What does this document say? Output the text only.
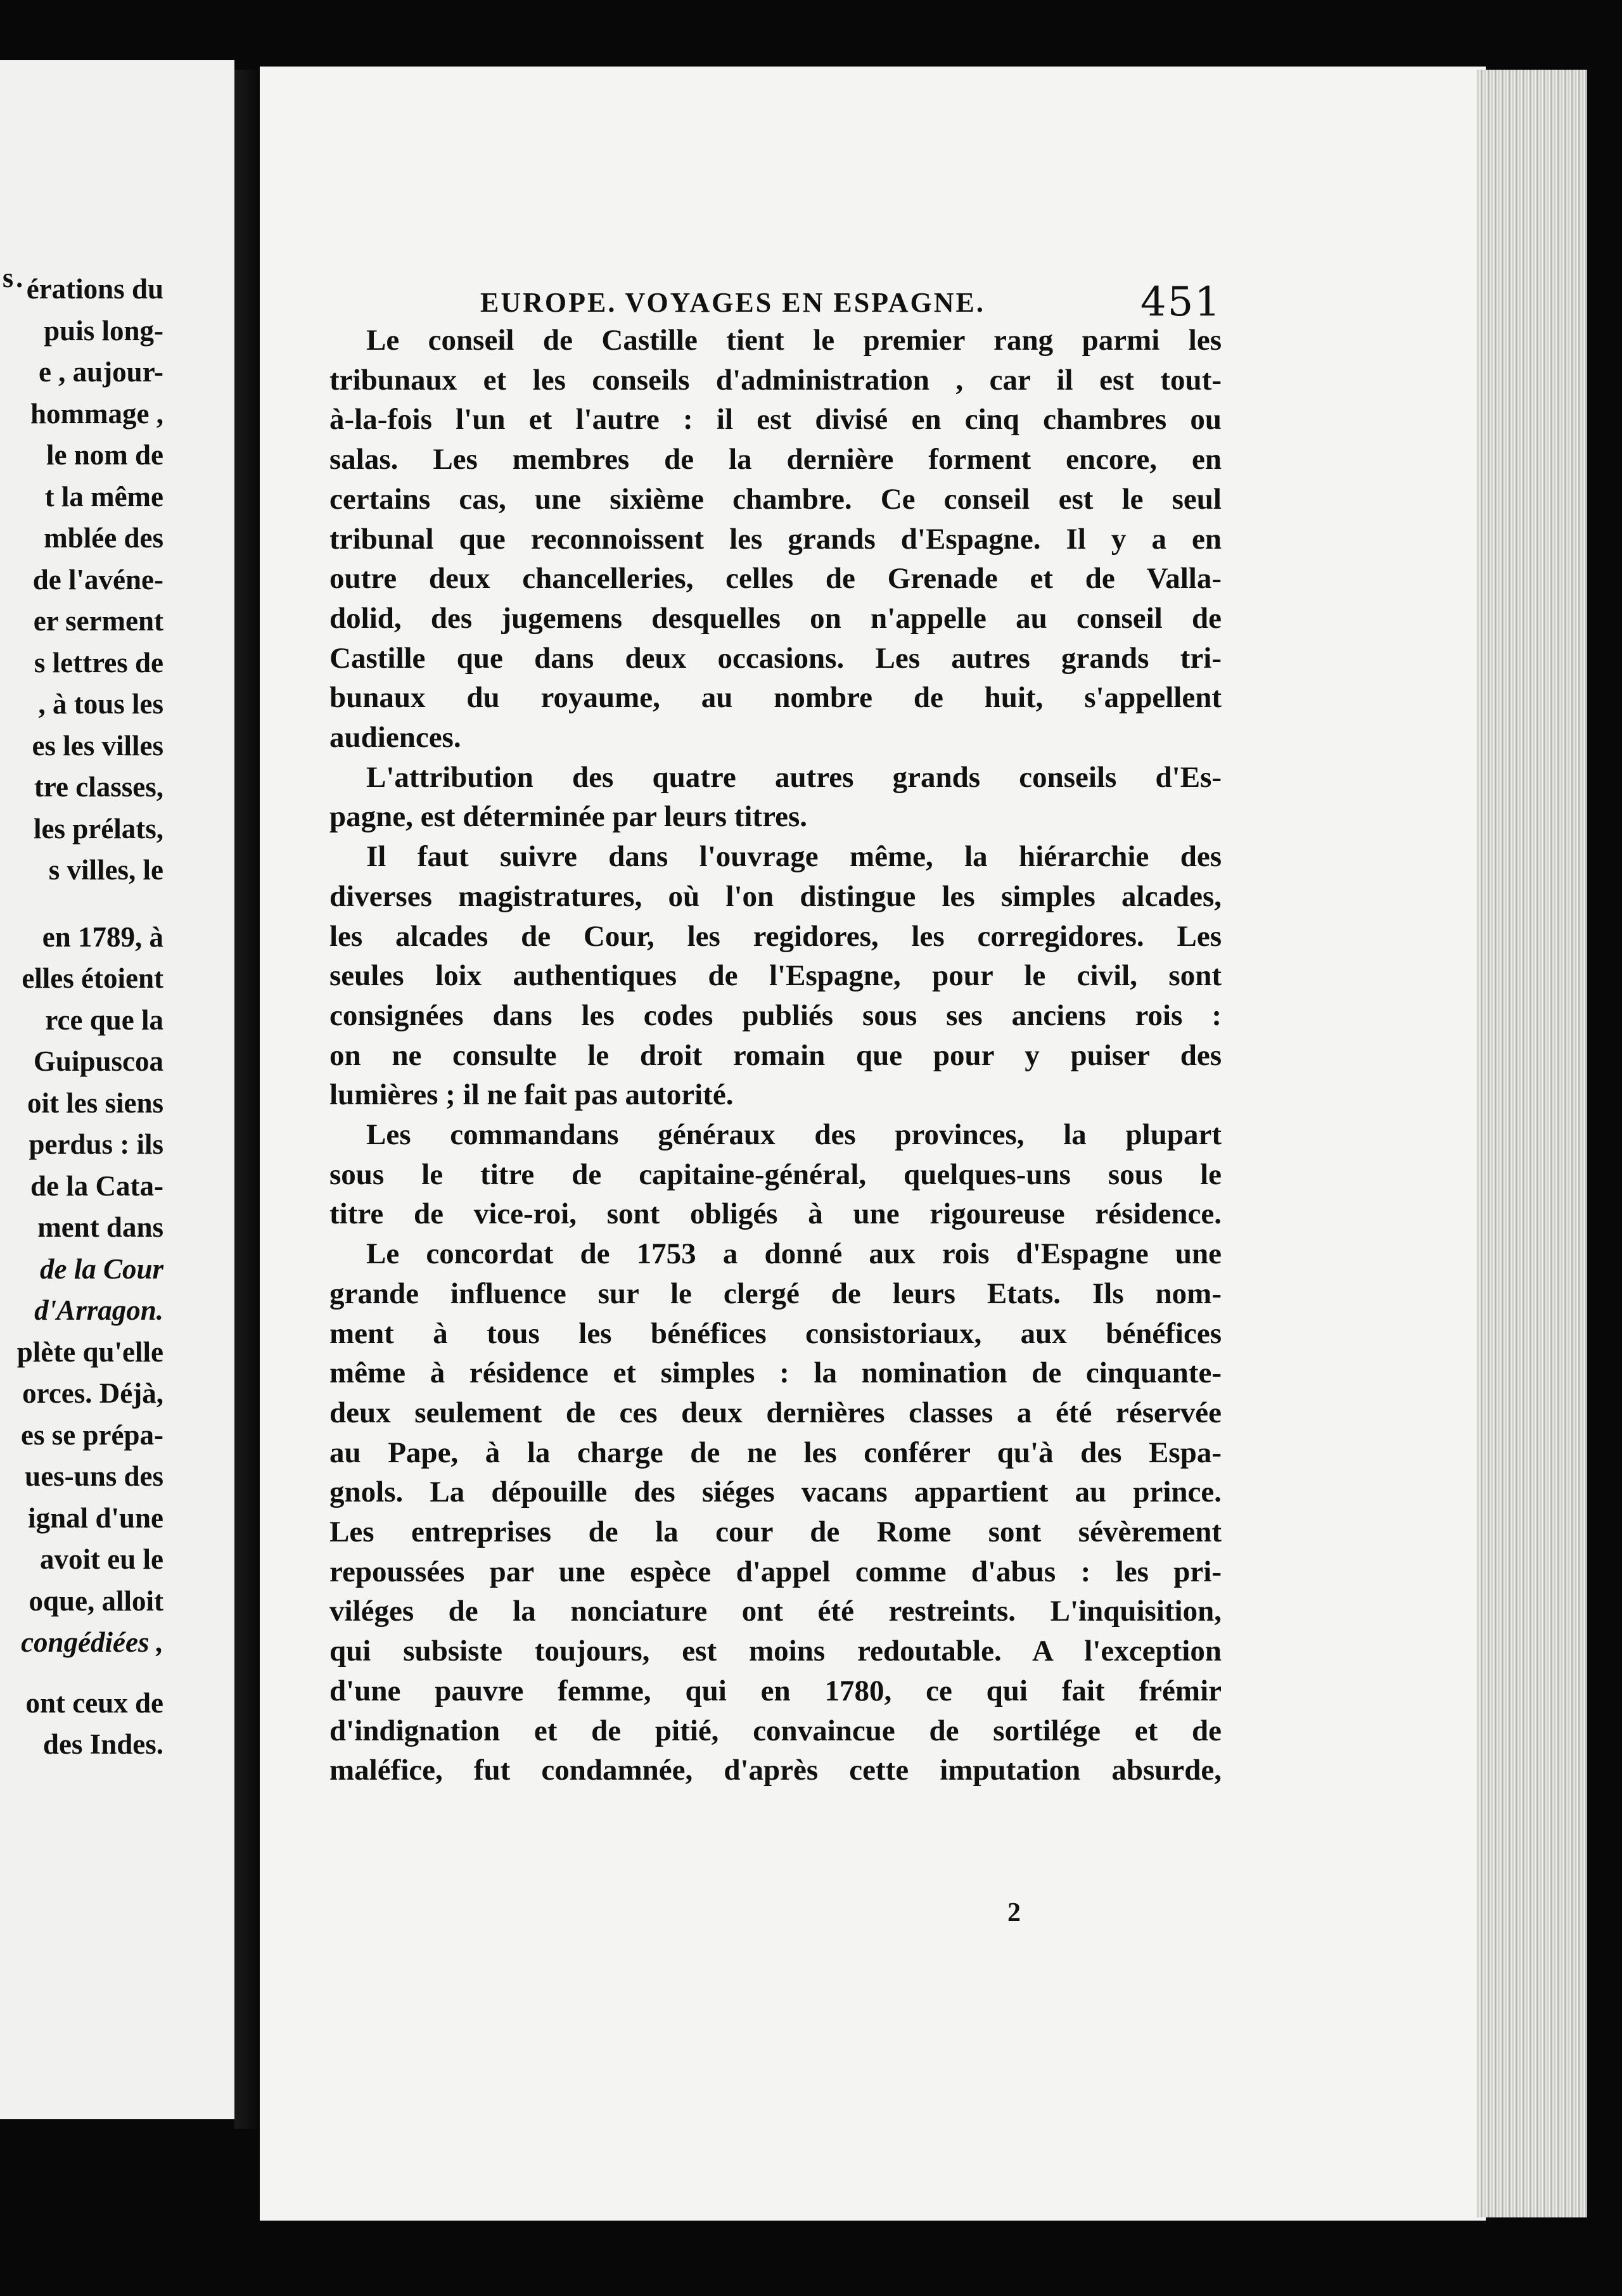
s. érations du
puis long-
e , aujour-
hommage ,
le nom de
t la même
mblée des
de l'avéne-
er serment
s lettres de
, à tous les
es les villes
tre classes,
les prélats,
s villes, le
en 1789, à
elles étoient
rce que la
Guipuscoa
oit les siens
perdus : ils
de la Cata-
ment dans
de la Cour
d'Arragon.
plète qu'elle
orces. Déjà,
es se prépa-
ues-uns des
ignal d'une
avoit eu le
oque, alloit
congédiées ,
ont ceux de
des Indes.
EUROPE. VOYAGES EN ESPAGNE.	451
Le conseil de Castille tient le premier rang parmi les
tribunaux et les conseils d'administration , car il est tout-
à-la-fois l'un et l'autre : il est divisé en cinq chambres ou
salas. Les membres de la dernière forment encore, en
certains cas, une sixième chambre. Ce conseil est le seul
tribunal que reconnoissent les grands d'Espagne. Il y a en
outre deux chancelleries, celles de Grenade et de Valla-
dolid, des jugemens desquelles on n'appelle au conseil de
Castille que dans deux occasions. Les autres grands tri-
bunaux du royaume, au nombre de huit, s'appellent
audiences.
L'attribution des quatre autres grands conseils d'Es-
pagne, est déterminée par leurs titres.
Il faut suivre dans l'ouvrage même, la hiérarchie des
diverses magistratures, où l'on distingue les simples alcades,
les alcades de Cour, les regidores, les corregidores. Les
seules loix authentiques de l'Espagne, pour le civil, sont
consignées dans les codes publiés sous ses anciens rois :
on ne consulte le droit romain que pour y puiser des
lumières ; il ne fait pas autorité.
Les commandans généraux des provinces, la plupart
sous le titre de capitaine-général, quelques-uns sous le
titre de vice-roi, sont obligés à une rigoureuse résidence.
Le concordat de 1753 a donné aux rois d'Espagne une
grande influence sur le clergé de leurs Etats. Ils nom-
ment à tous les bénéfices consistoriaux, aux bénéfices
même à résidence et simples : la nomination de cinquante-
deux seulement de ces deux dernières classes a été réservée
au Pape, à la charge de ne les conférer qu'à des Espa-
gnols. La dépouille des siéges vacans appartient au prince.
Les entreprises de la cour de Rome sont sévèrement
repoussées par une espèce d'appel comme d'abus : les pri-
viléges de la nonciature ont été restreints. L'inquisition,
qui subsiste toujours, est moins redoutable. A l'exception
d'une pauvre femme, qui en 1780, ce qui fait frémir
d'indignation et de pitié, convaincue de sortilége et de
maléfice, fut condamnée, d'après cette imputation absurde,
2
